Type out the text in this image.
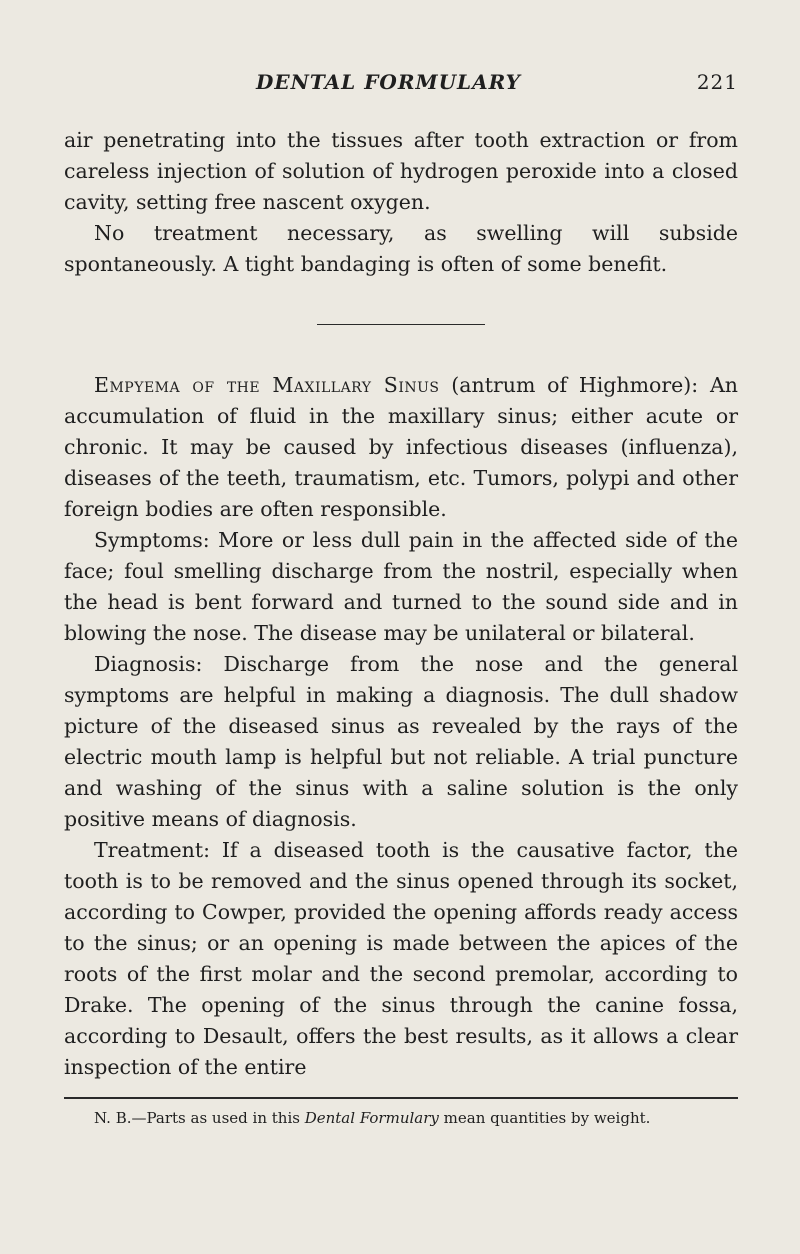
DENTAL FORMULARY	221

air penetrating into the tissues after tooth extraction or from careless injection of solution of hydrogen peroxide into a closed cavity, setting free nascent oxygen.

No treatment necessary, as swelling will subside spontaneously. A tight bandaging is often of some benefit.

Empyema of the Maxillary Sinus (antrum of Highmore): An accumulation of fluid in the maxillary sinus; either acute or chronic. It may be caused by infectious diseases (influenza), diseases of the teeth, traumatism, etc. Tumors, polypi and other foreign bodies are often responsible.

Symptoms: More or less dull pain in the affected side of the face; foul smelling discharge from the nostril, especially when the head is bent forward and turned to the sound side and in blowing the nose. The disease may be unilateral or bilateral.

Diagnosis: Discharge from the nose and the general symptoms are helpful in making a diagnosis. The dull shadow picture of the diseased sinus as revealed by the rays of the electric mouth lamp is helpful but not reliable. A trial puncture and washing of the sinus with a saline solution is the only positive means of diagnosis.

Treatment: If a diseased tooth is the causative factor, the tooth is to be removed and the sinus opened through its socket, according to Cowper, provided the opening affords ready access to the sinus; or an opening is made between the apices of the roots of the first molar and the second premolar, according to Drake. The opening of the sinus through the canine fossa, according to Desault, offers the best results, as it allows a clear inspection of the entire

N. B.—Parts as used in this Dental Formulary mean quantities by weight.
